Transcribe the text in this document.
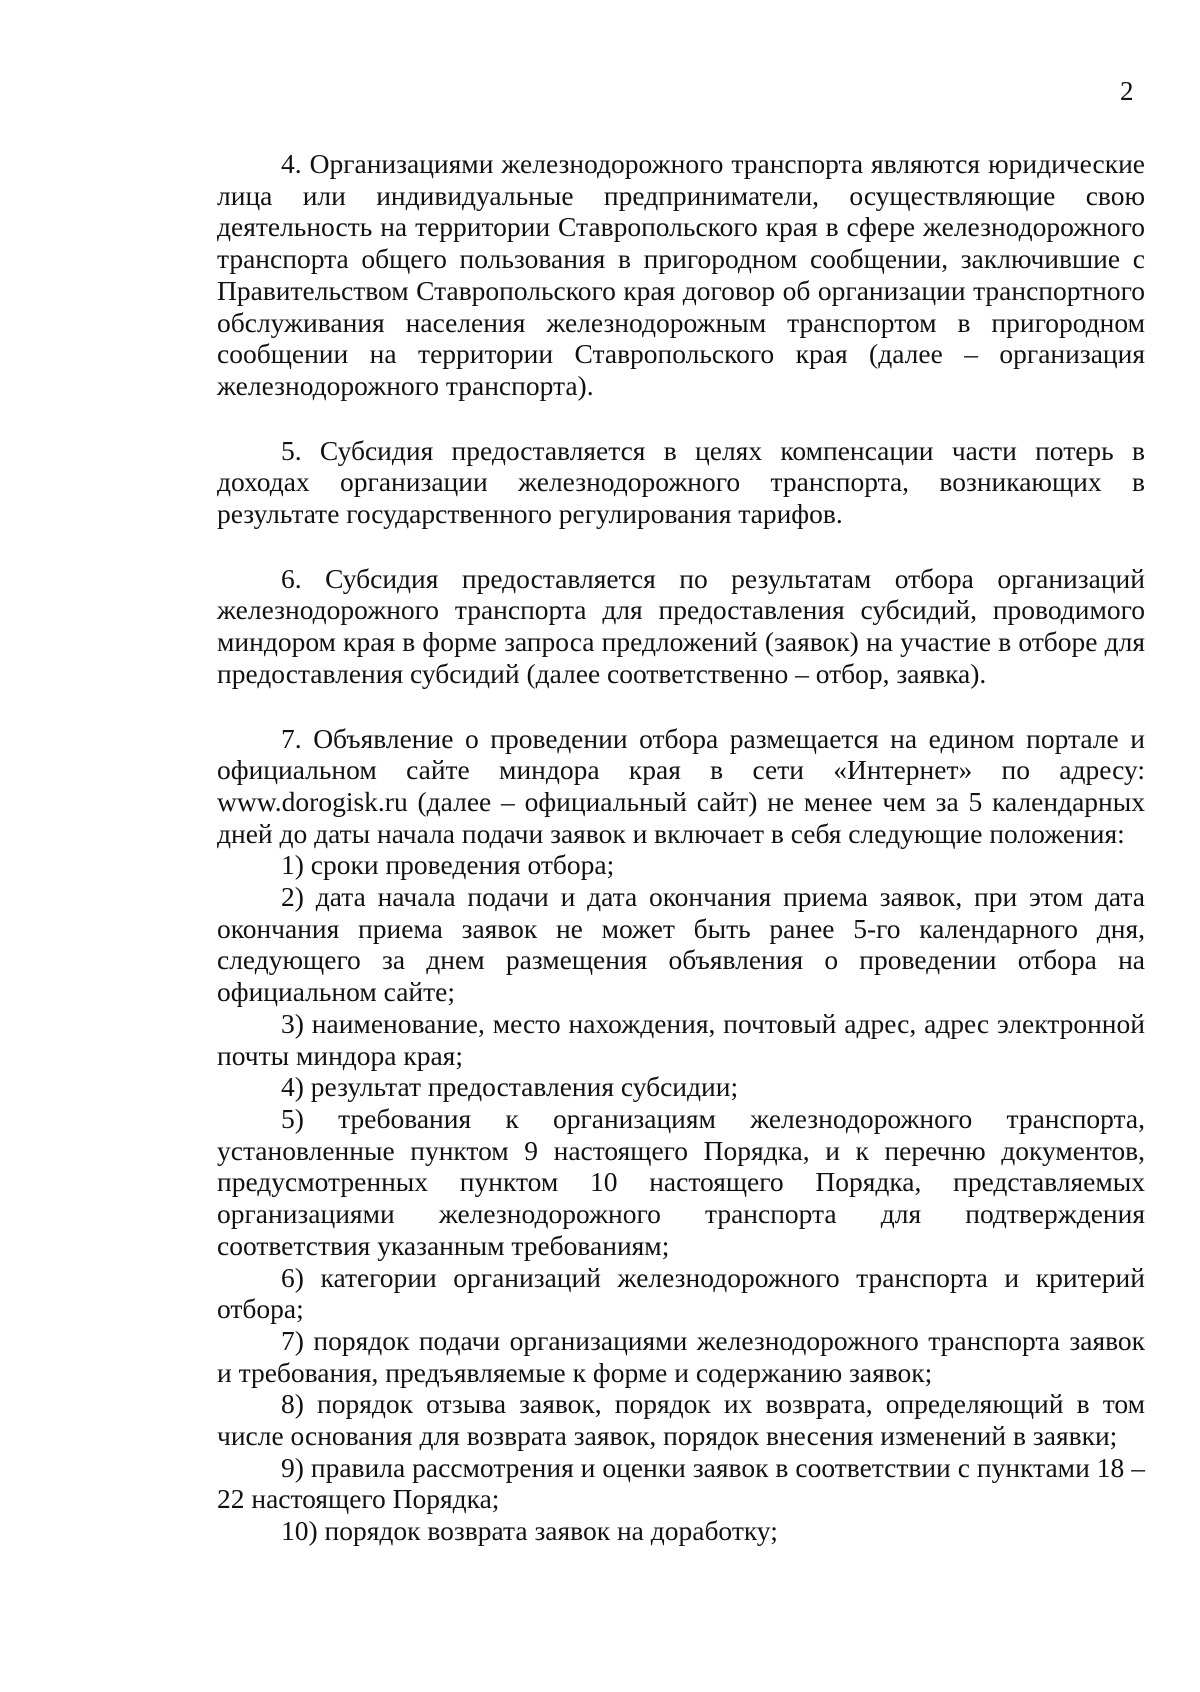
2

4. Организациями железнодорожного транспорта являются юридические лица или индивидуальные предприниматели, осуществляющие свою деятельность на территории Ставропольского края в сфере железнодорожного транспорта общего пользования в пригородном сообщении, заключившие с Правительством Ставропольского края договор об организации транспортного обслуживания населения железнодорожным транспортом в пригородном сообщении на территории Ставропольского края (далее – организация железнодорожного транспорта).

5. Субсидия предоставляется в целях компенсации части потерь в доходах организации железнодорожного транспорта, возникающих в результате государственного регулирования тарифов.

6. Субсидия предоставляется по результатам отбора организаций железнодорожного транспорта для предоставления субсидий, проводимого миндором края в форме запроса предложений (заявок) на участие в отборе для предоставления субсидий (далее соответственно – отбор, заявка).

7. Объявление о проведении отбора размещается на едином портале и официальном сайте миндора края в сети «Интернет» по адресу: www.dorogisk.ru (далее – официальный сайт) не менее чем за 5 календарных дней до даты начала подачи заявок и включает в себя следующие положения:

1) сроки проведения отбора;

2) дата начала подачи и дата окончания приема заявок, при этом дата окончания приема заявок не может быть ранее 5-го календарного дня, следующего за днем размещения объявления о проведении отбора на официальном сайте;

3) наименование, место нахождения, почтовый адрес, адрес электронной почты миндора края;

4) результат предоставления субсидии;

5) требования к организациям железнодорожного транспорта, установленные пунктом 9 настоящего Порядка, и к перечню документов, предусмотренных пунктом 10 настоящего Порядка, представляемых организациями железнодорожного транспорта для подтверждения соответствия указанным требованиям;

6) категории организаций железнодорожного транспорта и критерий отбора;

7) порядок подачи организациями железнодорожного транспорта заявок и требования, предъявляемые к форме и содержанию заявок;

8) порядок отзыва заявок, порядок их возврата, определяющий в том числе основания для возврата заявок, порядок внесения изменений в заявки;

9) правила рассмотрения и оценки заявок в соответствии с пунктами 18 – 22 настоящего Порядка;

10) порядок возврата заявок на доработку;
